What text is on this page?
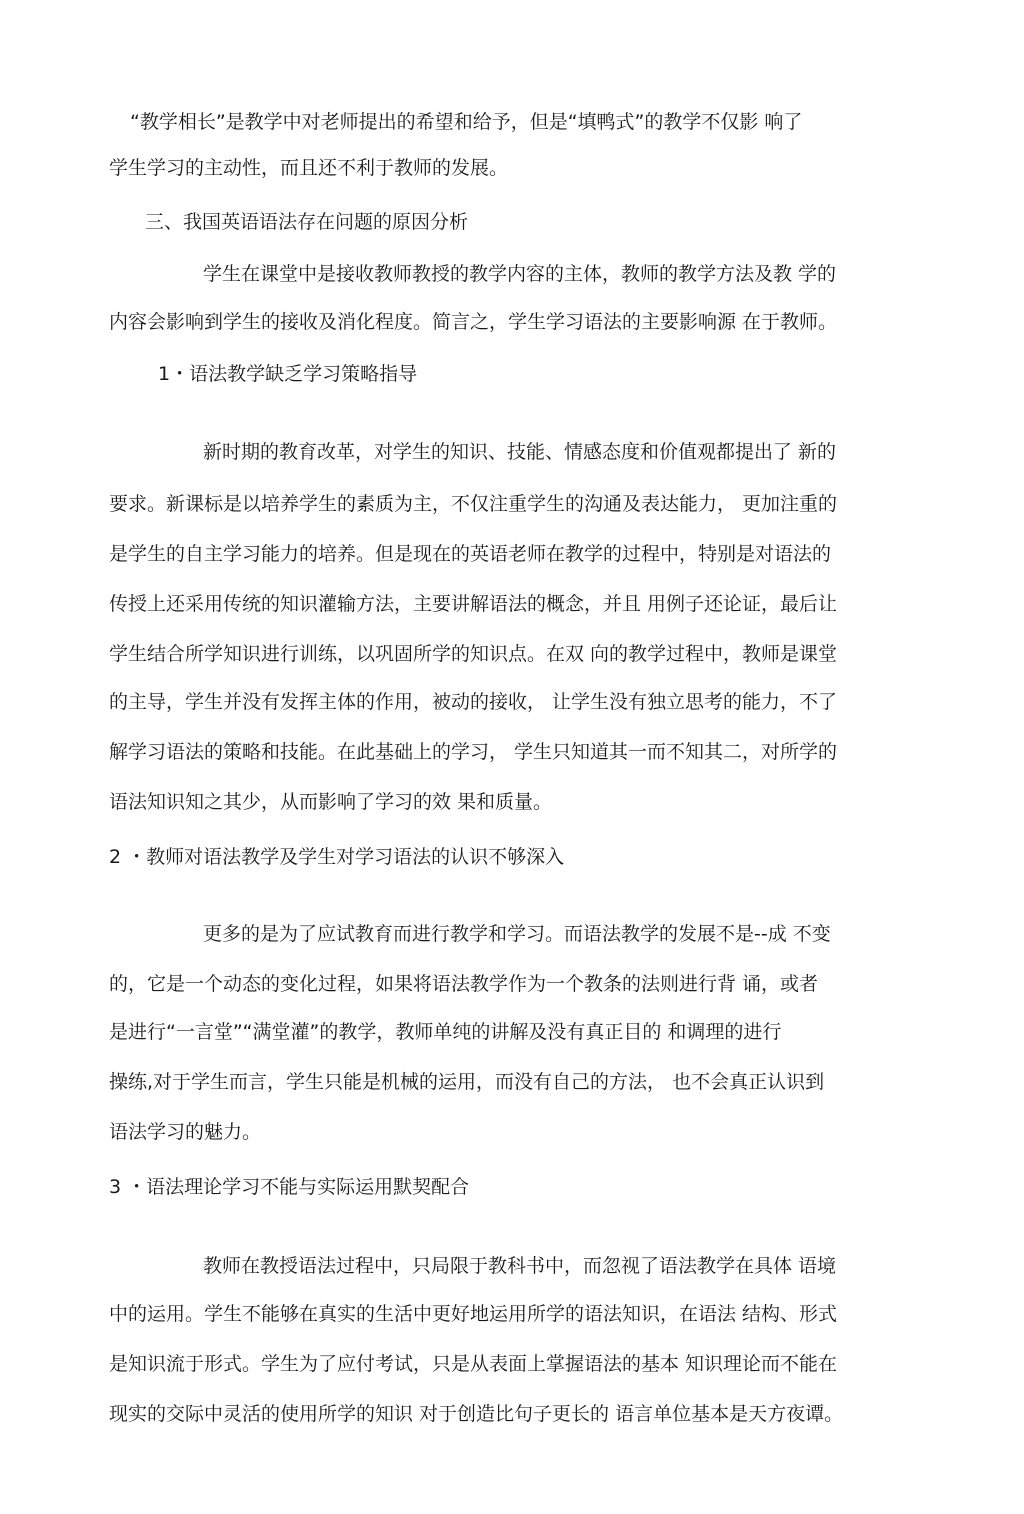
“教学相长”是教学中对老师提出的希望和给予，但是“填鸭式”的教学不仅影 响了
学生学习的主动性，而且还不利于教师的发展。
三、我国英语语法存在问题的原因分析
学生在课堂中是接收教师教授的教学内容的主体，教师的教学方法及教 学的
内容会影响到学生的接收及消化程度。简言之，学生学习语法的主要影响源 在于教师。
1・语法教学缺乏学习策略指导
新时期的教育改革，对学生的知识、技能、情感态度和价值观都提出了 新的
要求。新课标是以培养学生的素质为主，不仅注重学生的沟通及表达能力， 更加注重的
是学生的自主学习能力的培养。但是现在的英语老师在教学的过程中，特别是对语法的
传授上还采用传统的知识灌输方法，主要讲解语法的概念，并且 用例子还论证，最后让
学生结合所学知识进行训练，以巩固所学的知识点。在双 向的教学过程中，教师是课堂
的主导，学生并没有发挥主体的作用，被动的接收， 让学生没有独立思考的能力，不了
解学习语法的策略和技能。在此基础上的学习， 学生只知道其一而不知其二，对所学的
语法知识知之其少，从而影响了学习的效 果和质量。
2 ・教师对语法教学及学生对学习语法的认识不够深入
更多的是为了应试教育而进行教学和学习。而语法教学的发展不是--成 不变
的，它是一个动态的变化过程，如果将语法教学作为一个教条的法则进行背 诵，或者
是进行“一言堂”“满堂灌”的教学，教师单纯的讲解及没有真正目的 和调理的进行
操练,对于学生而言，学生只能是机械的运用，而没有自己的方法， 也不会真正认识到
语法学习的魅力。
3 ・语法理论学习不能与实际运用默契配合
教师在教授语法过程中，只局限于教科书中，而忽视了语法教学在具体 语境
中的运用。学生不能够在真实的生活中更好地运用所学的语法知识，在语法 结构、形式
是知识流于形式。学生为了应付考试，只是从表面上掌握语法的基本 知识理论而不能在
现实的交际中灵活的使用所学的知识 对于创造比句子更长的 语言单位基本是天方夜谭。
